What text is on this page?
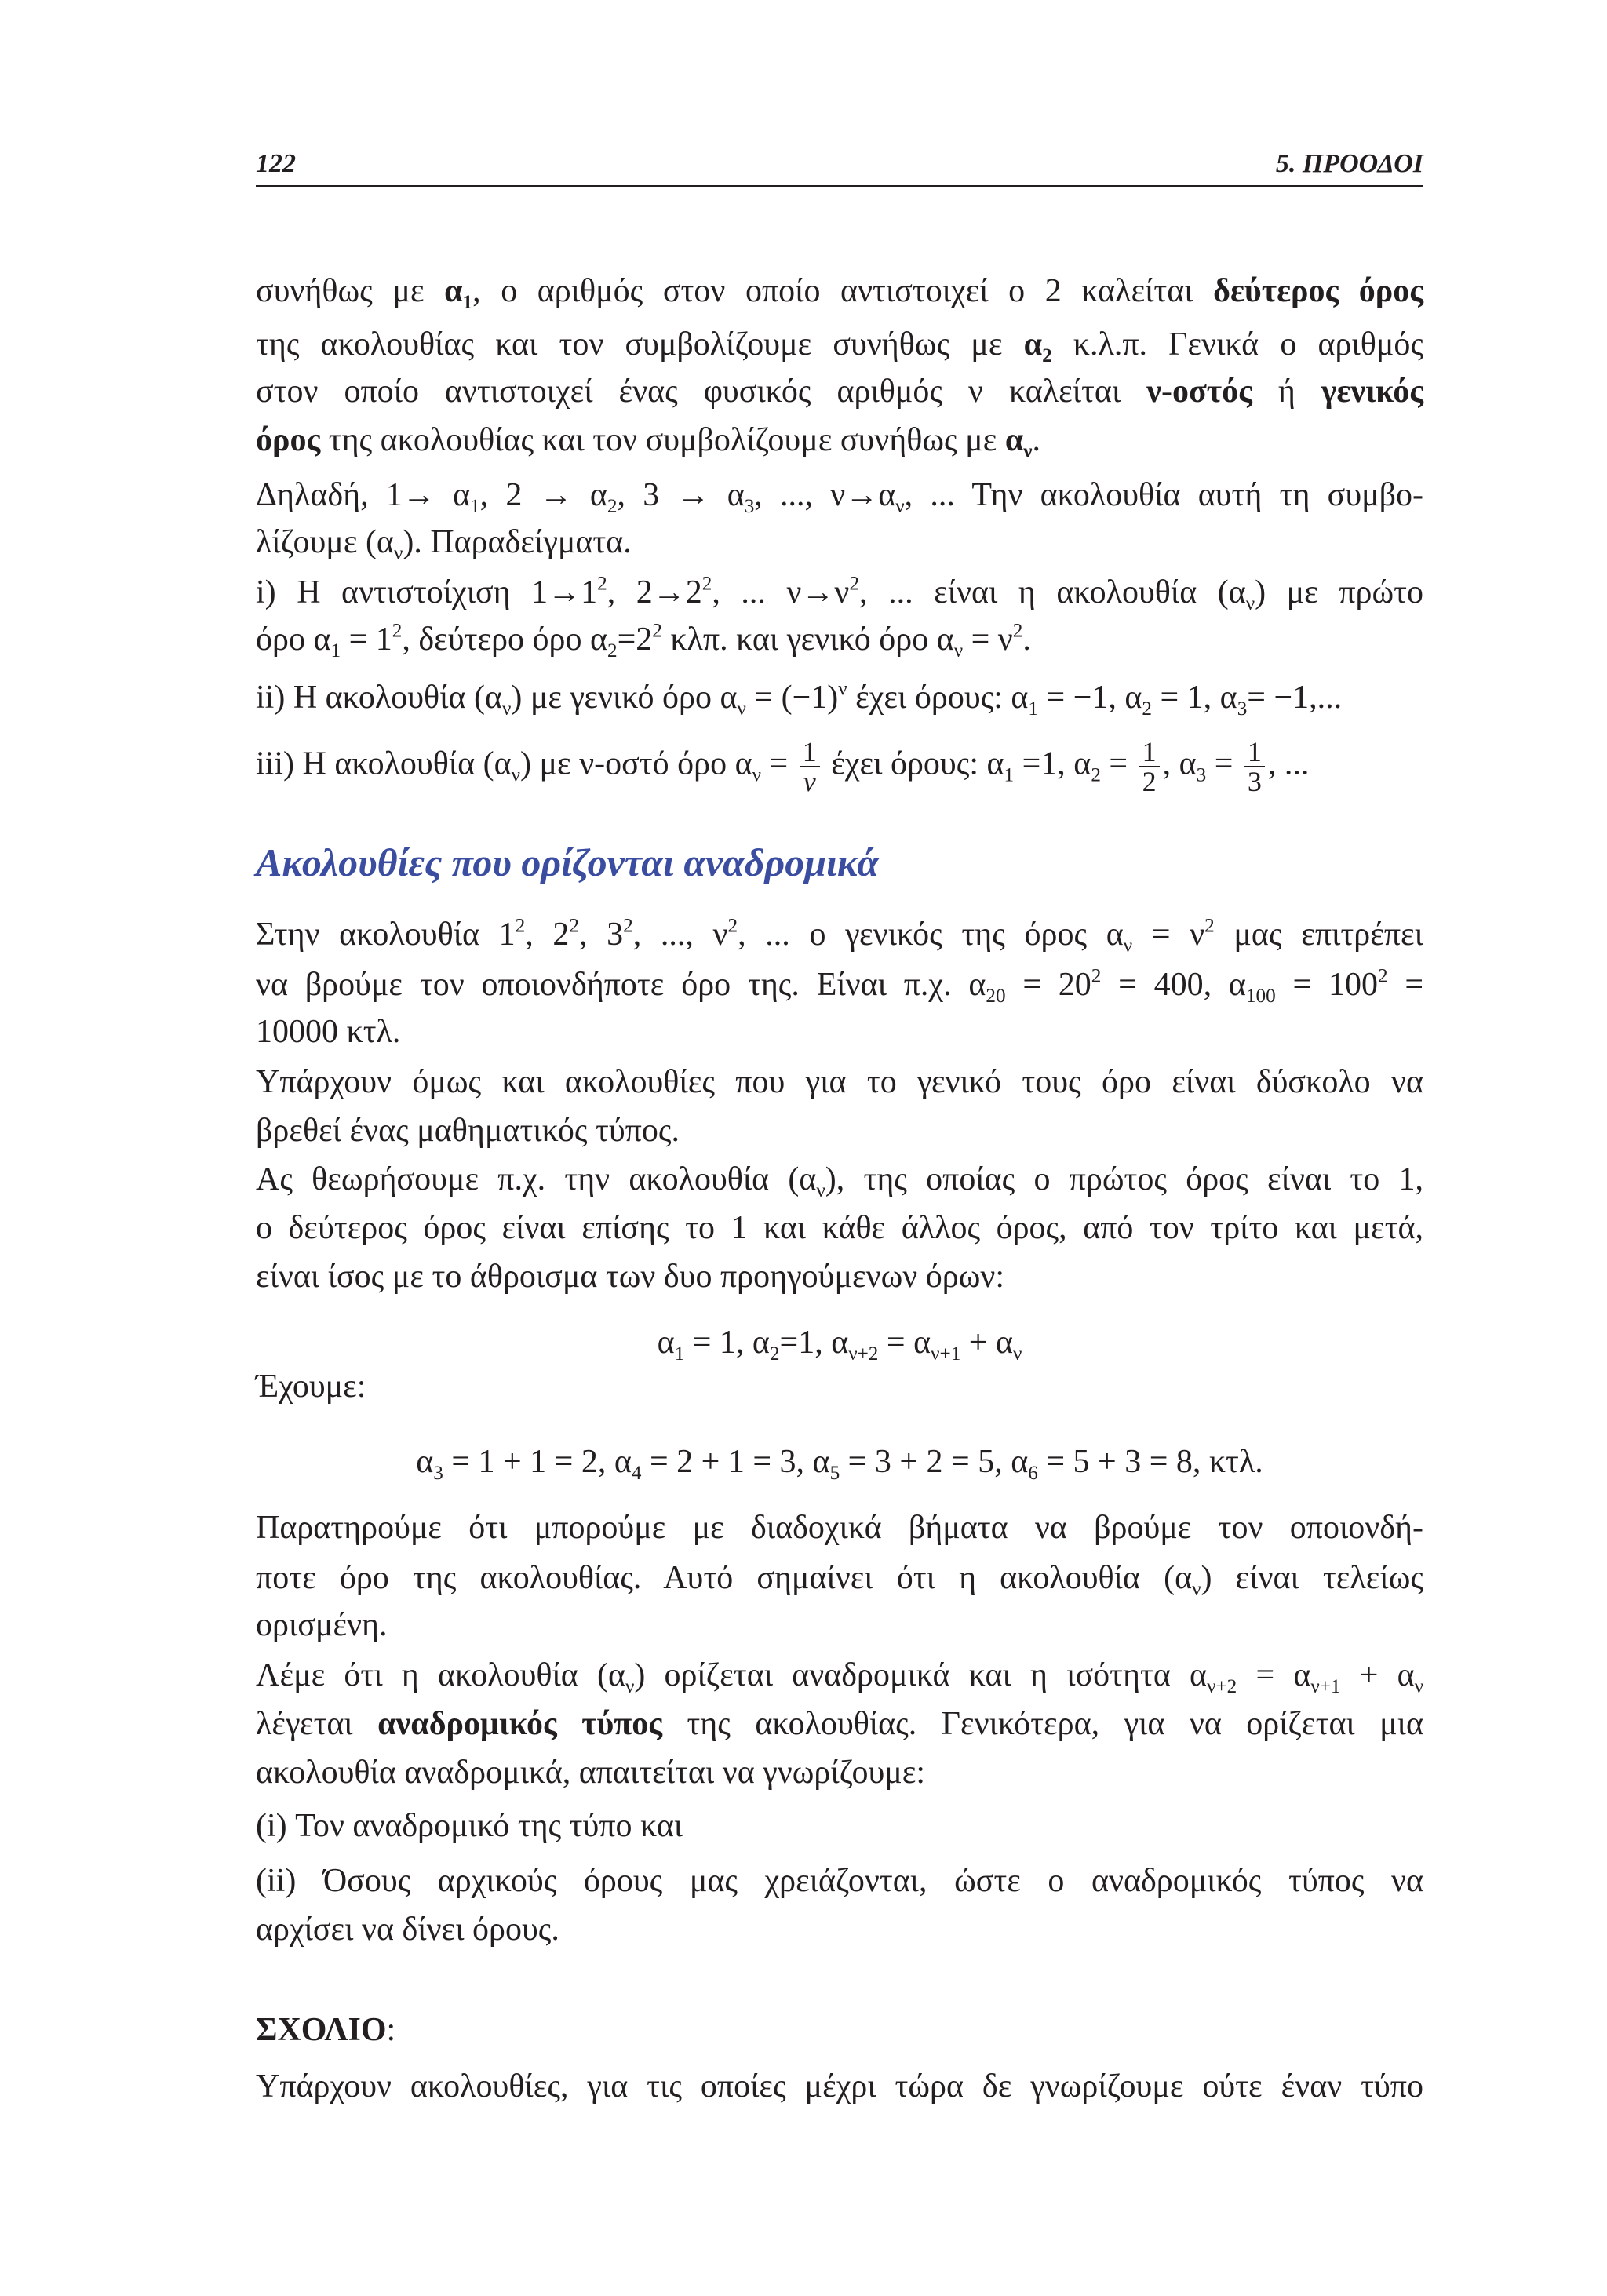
122	5. ΠΡΟΟΔΟΙ
συνήθως με $\alpha_1$, ο αριθμός στον οποίο αντιστοιχεί ο 2 καλείται δεύτερος όρος
της ακολουθίας και τον συμβολίζουμε συνήθως με $\alpha_2$ κ.λ.π. Γενικά ο αριθμός
στον οποίο αντιστοιχεί ένας φυσικός αριθμός ν καλείται ν-οστός ή γενικός
όρος της ακολουθίας και τον συμβολίζουμε συνήθως με $\alpha_\nu$.
Δηλαδή, $1\to \alpha_1$, $2 \to \alpha_2$, $3 \to \alpha_3$, ..., $\nu\to\alpha_\nu$, ... Την ακολουθία αυτή τη συμβο-
λίζουμε $(\alpha_\nu)$. Παραδείγματα.
i) Η αντιστοίχιση $1\to 1^2$, $2\to 2^2$, ... $\nu\to\nu^2$, ... είναι η ακολουθία $(\alpha_\nu)$ με πρώτο
όρο $\alpha_1 = 1^2$, δεύτερο όρο $\alpha_2=2^2$ κλπ. και γενικό όρο $\alpha_\nu = \nu^2$.
ii) Η ακολουθία $(\alpha_\nu)$ με γενικό όρο $\alpha_\nu = (-1)^\nu$ έχει όρους: $\alpha_1 = -1$, $\alpha_2 = 1$, $\alpha_3= -1$,...
iii) Η ακολουθία $(\alpha_\nu)$ με ν-οστό όρο $\alpha_\nu = \frac{1}{\nu}$ έχει όρους: $\alpha_1 =1$, $\alpha_2 = \frac{1}{2}$ , $\alpha_3 = \frac{1}{3}$ , ...
Ακολουθίες που ορίζονται αναδρομικά
Στην ακολουθία $1^2$, $2^2$, $3^2$, ..., $\nu^2$, ... ο γενικός της όρος $\alpha_\nu = \nu^2$ μας επιτρέπει
να βρούμε τον οποιονδήποτε όρο της. Είναι π.χ. $\alpha_{20} = 20^2 = 400$, $\alpha_{100} = 100^2$ =
10000 κτλ.
Υπάρχουν όμως και ακολουθίες που για το γενικό τους όρο είναι δύσκολο να
βρεθεί ένας μαθηματικός τύπος.
Ας θεωρήσουμε π.χ. την ακολουθία $(\alpha_\nu)$, της οποίας ο πρώτος όρος είναι το 1,
ο δεύτερος όρος είναι επίσης το 1 και κάθε άλλος όρος, από τον τρίτο και μετά,
είναι ίσος με το άθροισμα των δυο προηγούμενων όρων:
$\alpha_1 = 1$, $\alpha_2=1$, $\alpha_{\nu+2} = \alpha_{\nu+1} + \alpha_\nu$
Έχουμε:
$\alpha_3 = 1 + 1 = 2$, $\alpha_4 = 2 + 1 = 3$, $\alpha_5 = 3 + 2 = 5$, $\alpha_6 = 5 + 3 = 8$, κτλ.
Παρατηρούμε ότι μπορούμε με διαδοχικά βήματα να βρούμε τον οποιονδή-
ποτε όρο της ακολουθίας. Αυτό σημαίνει ότι η ακολουθία $(\alpha_\nu)$ είναι τελείως
ορισμένη.
Λέμε ότι η ακολουθία $(\alpha_\nu)$ ορίζεται αναδρομικά και η ισότητα $\alpha_{\nu+2} = \alpha_{\nu+1} + \alpha_\nu$
λέγεται αναδρομικός τύπος της ακολουθίας. Γενικότερα, για να ορίζεται μια
ακολουθία αναδρομικά, απαιτείται να γνωρίζουμε:
(i) Τον αναδρομικό της τύπο και
(ii) Όσους αρχικούς όρους μας χρειάζονται, ώστε ο αναδρομικός τύπος να
αρχίσει να δίνει όρους.
ΣΧΟΛΙΟ:
Υπάρχουν ακολουθίες, για τις οποίες μέχρι τώρα δε γνωρίζουμε ούτε έναν τύπο
